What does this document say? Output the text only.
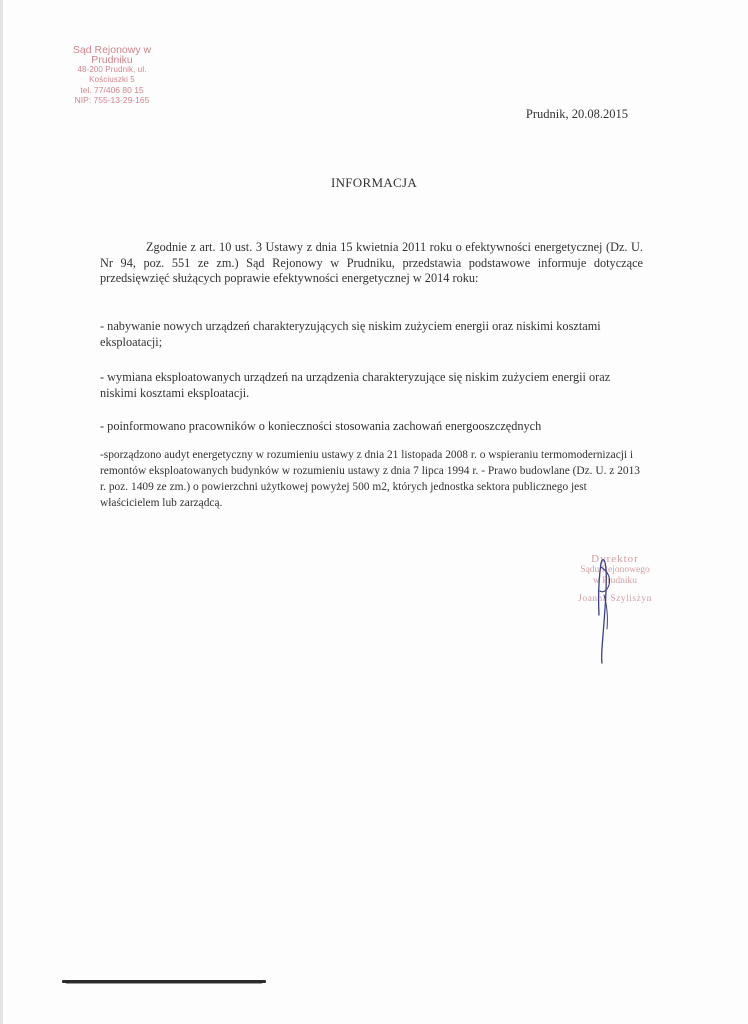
Sąd Rejonowy w Prudniku
48-200 Prudnik, ul. Kościuszki 5
tel. 77/406 80 15
NIP: 755-13-29-165
Prudnik, 20.08.2015
INFORMACJA
Zgodnie z art. 10 ust. 3 Ustawy z dnia 15 kwietnia 2011 roku o efektywności energetycznej (Dz. U. Nr 94, poz. 551 ze zm.) Sąd Rejonowy w Prudniku, przedstawia podstawowe informuje dotyczące przedsięwzięć służących poprawie efektywności energetycznej w 2014 roku:
- nabywanie nowych urządzeń charakteryzujących się niskim zużyciem energii oraz niskimi kosztami eksploatacji;
- wymiana eksploatowanych urządzeń na urządzenia charakteryzujące się niskim zużyciem energii oraz niskimi kosztami eksploatacji.
- poinformowano pracowników o konieczności stosowania zachowań energooszczędnych
-sporządzono audyt energetyczny w rozumieniu ustawy z dnia 21 listopada 2008 r. o wspieraniu termomodernizacji i remontów eksploatowanych budynków w rozumieniu ustawy z dnia 7 lipca 1994 r. - Prawo budowlane (Dz. U. z 2013 r. poz. 1409 ze zm.) o powierzchni użytkowej powyżej 500 m2, których jednostka sektora publicznego jest właścicielem lub zarządcą.
Dyrektor
Sądu Rejonowego
w Prudniku
Joanna Szylisżyn
